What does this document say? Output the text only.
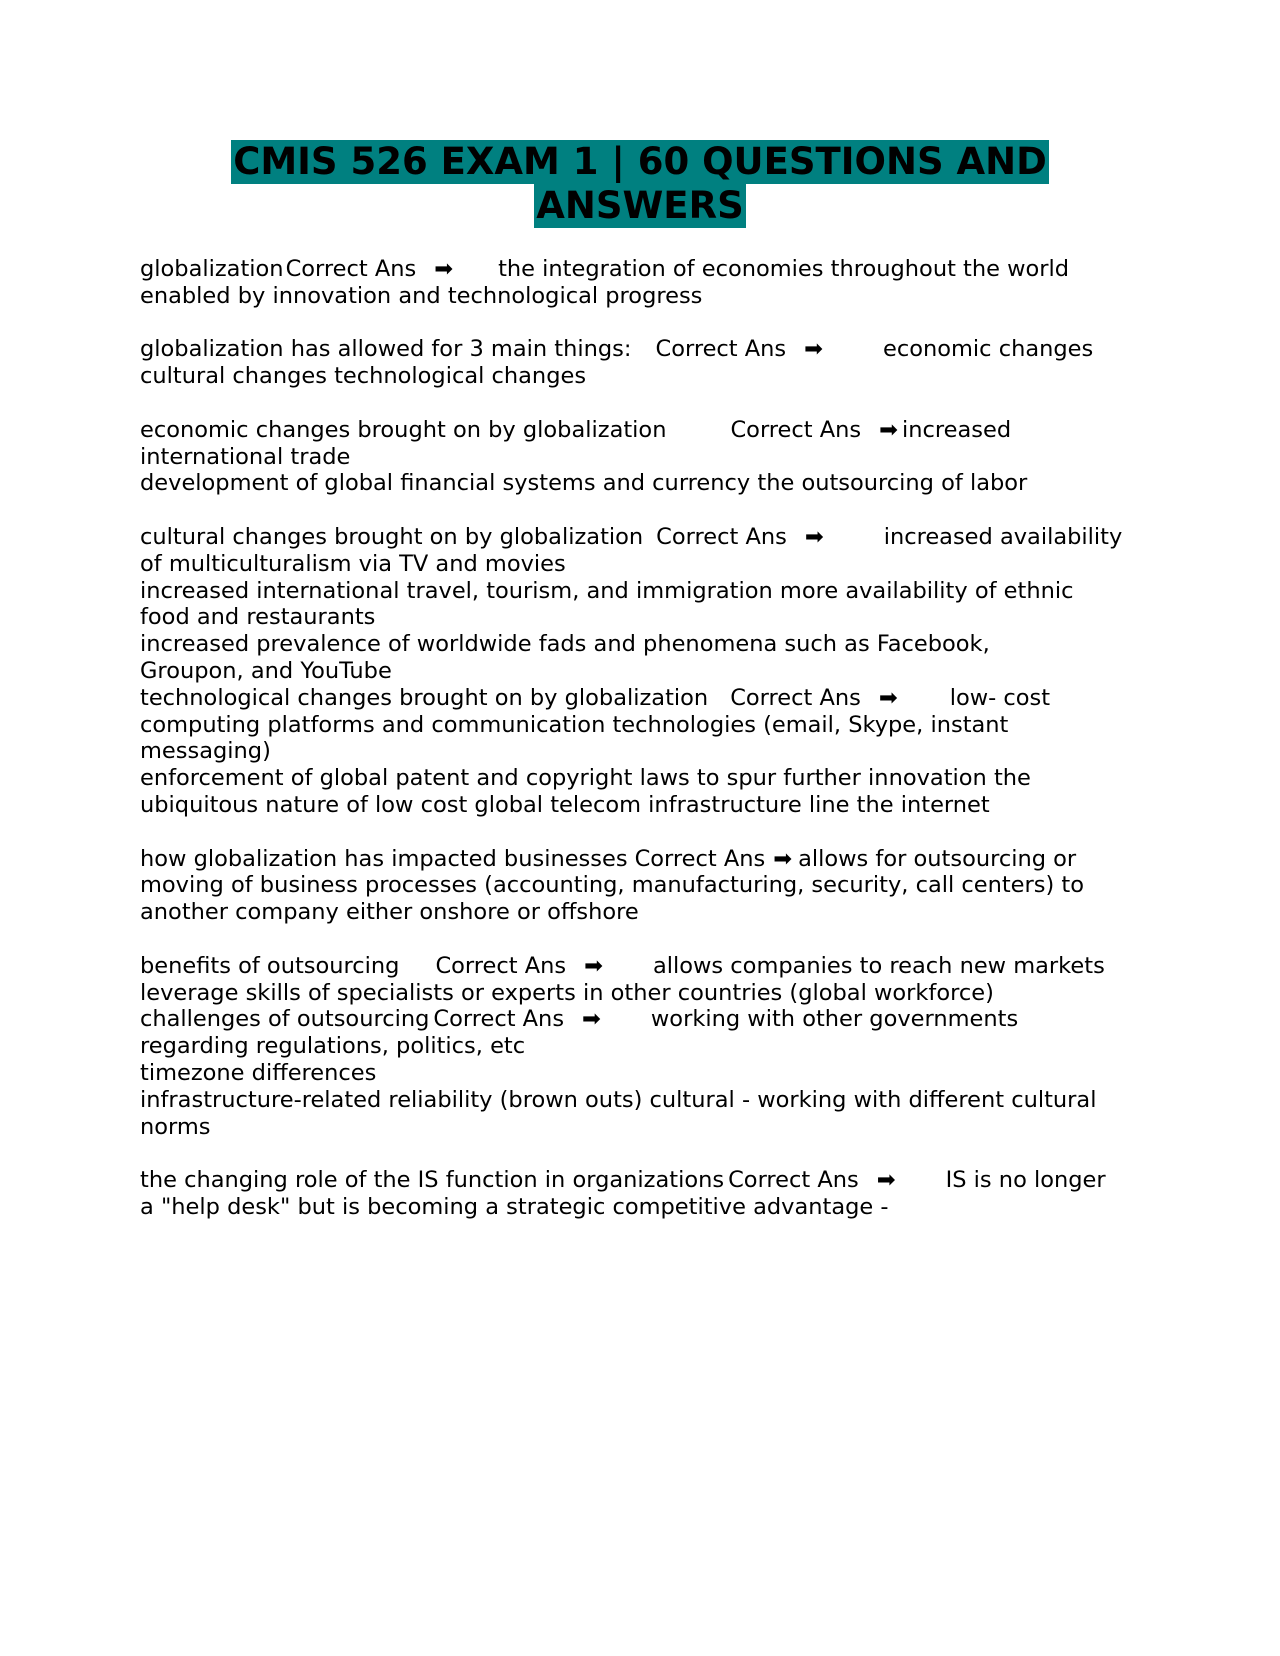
CMIS 526 EXAM 1 | 60 QUESTIONS AND
ANSWERS
globalizationCorrect Ans ➡ the integration of economies throughout the world
enabled by innovation and technological progress
globalization has allowed for 3 main things: Correct Ans ➡	economic changes
cultural changes technological changes
economic changes brought on by globalization	Correct Ans ➡ increased
international trade
development of global financial systems and currency the outsourcing of labor
cultural changes brought on by globalization Correct Ans ➡	increased availability
of multiculturalism via TV and movies
increased international travel, tourism, and immigration more availability of ethnic
food and restaurants
increased prevalence of worldwide fads and phenomena such as Facebook,
Groupon, and YouTube
technological changes brought on by globalization Correct Ans ➡ low- cost
computing platforms and communication technologies (email, Skype, instant
messaging)
enforcement of global patent and copyright laws to spur further innovation the
ubiquitous nature of low cost global telecom infrastructure line the internet
how globalization has impacted businesses Correct Ans ➡ allows for outsourcing or
moving of business processes (accounting, manufacturing, security, call centers) to
another company either onshore or offshore
benefits of outsourcing Correct Ans ➡ allows companies to reach new markets
leverage skills of specialists or experts in other countries (global workforce)
challenges of outsourcing Correct Ans ➡ working with other governments
regarding regulations, politics, etc
timezone differences
infrastructure-related reliability (brown outs) cultural - working with different cultural
norms
the changing role of the IS function in organizations Correct Ans ➡ IS is no longer
a "help desk" but is becoming a strategic competitive advantage -
